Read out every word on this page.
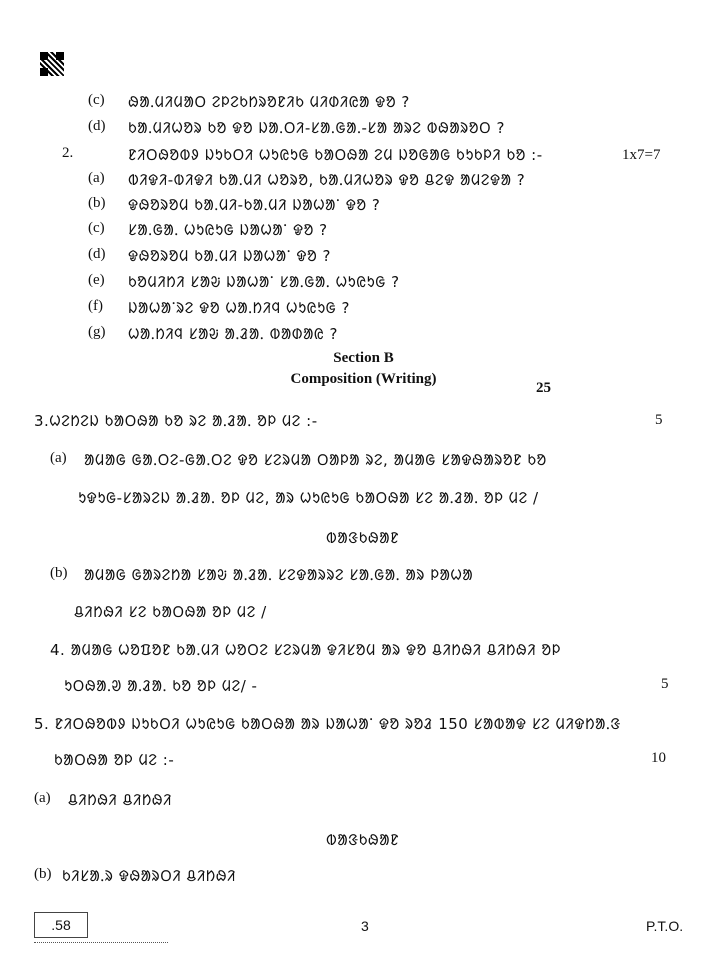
(c) ᱷᱟᱹᱢᱤᱢᱟᱛ ᱮᱞᱮᱠᱴᱨᱚᱱᱤᱠ ᱢᱤᱰᱤᱭᱟ ᱫᱚ ?
(d) ᱠᱟᱹᱢᱤᱦᱚᱨ ᱠᱚ ᱫᱚ ᱡᱟᱹᱛᱤ-ᱥᱟᱹᱜᱟᱹ-ᱥᱟ ᱟᱨᱮ ᱵᱷᱟᱨᱚᱛ ?
2.	ᱱᱤᱛᱷᱚᱵᱽ ᱡᱩᱠᱛᱤ ᱦᱩᱭᱩᱜ ᱠᱟᱛᱷᱟ ᱮᱢ ᱡᱚᱜᱟᱜ ᱠᱩᱠᱞᱤ ᱠᱚ :-	1x7=7
(a) ᱵᱤᱫᱤ-ᱵᱤᱫᱤ ᱠᱟᱹᱢᱤ ᱦᱚᱨᱚ, ᱠᱟᱹᱢᱤᱦᱚᱨ ᱫᱚ ᱪᱮᱫ ᱟᱢᱮᱫᱟ ?
(b) ᱫᱷᱚᱨᱚᱢ ᱠᱟᱹᱢᱤ-ᱠᱟᱹᱢᱤ ᱡᱟᱦᱟᱸ ᱫᱚ ?
(c) ᱥᱟᱹᱜᱟᱹ ᱦᱩᱭᱩᱜ ᱡᱟᱦᱟᱸ ᱫᱚ ?
(d) ᱫᱷᱚᱨᱚᱢ ᱠᱟᱹᱢᱤ ᱡᱟᱦᱟᱸ ᱫᱚ ?
(e) ᱠᱚᱢᱤᱴᱤ ᱥᱟᱶ ᱡᱟᱦᱟᱸ ᱥᱟᱹᱜᱟᱹ ᱦᱩᱭᱩᱜ ?
(f) ᱡᱟᱦᱟᱸᱨᱮ ᱫᱚ ᱦᱟᱹᱴᱤᱧ ᱦᱩᱭᱩᱜ ?
(g) ᱦᱟᱹᱴᱤᱧ ᱥᱟᱶ ᱟᱹᱲᱟᱹ ᱵᱟᱰᱟᱭ ?
Section B
Composition (Writing)
25
3.ᱦᱮᱴᱮᱡ ᱠᱟᱛᱷᱟ ᱠᱚ ᱨᱮ ᱟᱹᱲᱟᱹ ᱚᱞ ᱢᱮ :-	5
(a) ᱟᱢᱟᱜ ᱜᱟᱹᱛᱮ-ᱜᱟᱹᱛᱮ ᱫᱚ ᱥᱮᱨᱢᱟ ᱛᱟᱞᱟ ᱨᱮ, ᱟᱢᱟᱜ ᱥᱟᱫᱷᱟᱨᱚᱱ ᱠᱚ
ᱩᱫᱩᱜ-ᱥᱟᱨᱮᱡ ᱟᱹᱲᱟᱹ ᱚᱞ ᱢᱮ, ᱟᱨ ᱦᱩᱭᱩᱜ ᱠᱟᱛᱷᱟ ᱥᱮ ᱟᱹᱲᱟᱹ ᱚᱞ ᱢᱮ /
ᱵᱟᱝᱠᱷᱟᱱ
(b) ᱟᱢᱟᱜ ᱜᱟᱨᱮᱴᱟ ᱥᱟᱶ ᱟᱹᱲᱟᱹ ᱥᱮᱫᱟᱨᱨᱮ ᱥᱟᱹᱜᱟᱹ ᱟᱨ ᱞᱟᱦᱟ
ᱪᱤᱴᱷᱤ ᱥᱮ ᱠᱟᱛᱷᱟ ᱚᱞ ᱢᱮ /
4. ᱟᱢᱟᱜ ᱦᱚᱯᱚᱱ ᱠᱟᱹᱢᱤ ᱦᱚᱛᱮ ᱥᱮᱨᱢᱟ ᱫᱤᱥᱚᱢ ᱟᱨ ᱫᱚ ᱪᱤᱴᱷᱤ ᱪᱤᱴᱷᱤ ᱚᱞ
ᱩᱛᱷᱟᱹᱣ ᱟᱹᱲᱟᱹ ᱠᱚ ᱚᱞ ᱢᱮ/ -	5
5. ᱱᱤᱛᱷᱚᱵᱽ ᱡᱩᱠᱛᱤ ᱦᱩᱭᱩᱜ ᱠᱟᱛᱷᱟ ᱟᱨ ᱡᱟᱦᱟᱸ ᱫᱚ ᱨᱚᱲ 150 ᱥᱟᱵᱟᱫ ᱥᱮ ᱢᱤᱫᱴᱟᱹᱝ
ᱠᱟᱛᱷᱟ ᱚᱞ ᱢᱮ :-	10
(a) ᱪᱤᱴᱷᱤ ᱪᱤᱴᱷᱤ
ᱵᱟᱝᱠᱷᱟᱱ
(b) ᱠᱤᱥᱟᱹᱨ ᱫᱷᱟᱨᱛᱤ ᱪᱤᱴᱷᱤ
.58	3	P.T.O.
